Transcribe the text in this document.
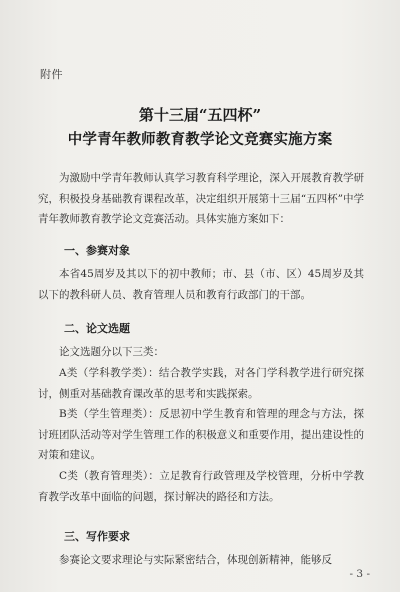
附件
第十三届“五四杯”
中学青年教师教育教学论文竞赛实施方案
为激励中学青年教师认真学习教育科学理论，深入开展教育教学研究，积极投身基础教育课程改革，决定组织开展第十三届“五四杯”中学青年教师教育教学论文竞赛活动。具体实施方案如下：
一、参赛对象
本省45周岁及其以下的初中教师；市、县（市、区）45周岁及其以下的教科研人员、教育管理人员和教育行政部门的干部。
二、论文选题
论文选题分以下三类：
A类（学科教学类）：结合教学实践，对各门学科教学进行研究探讨，侧重对基础教育课改革的思考和实践探索。
B类（学生管理类）：反思初中学生教育和管理的理念与方法，探讨班团队活动等对学生管理工作的积极意义和重要作用，提出建设性的对策和建议。
C类（教育管理类）：立足教育行政管理及学校管理，分析中学教育教学改革中面临的问题，探讨解决的路径和方法。
三、写作要求
参赛论文要求理论与实际紧密结合，体现创新精神，能够反
- 3 -
